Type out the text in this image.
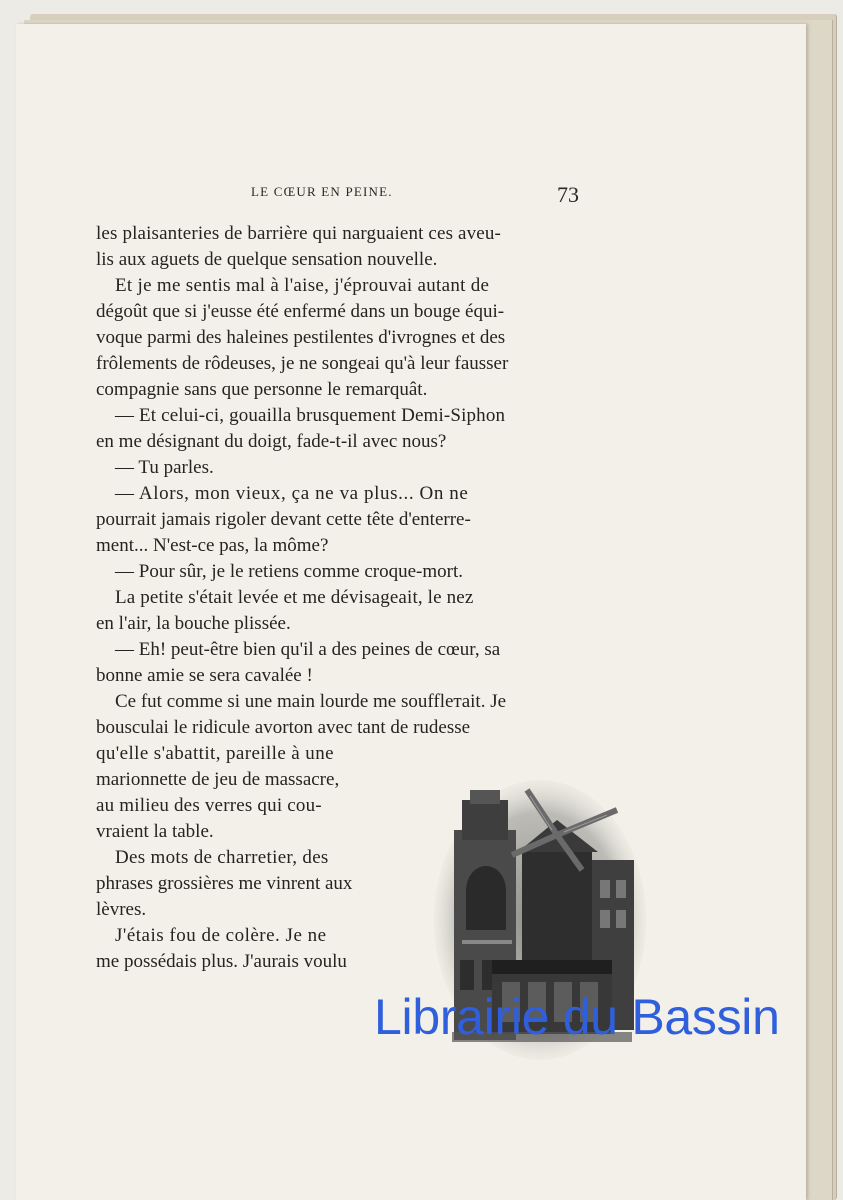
LE CŒUR EN PEINE.	73
les plaisanteries de barrière qui narguaient ces aveu-
lis aux aguets de quelque sensation nouvelle.
Et je me sentis mal à l'aise, j'éprouvai autant de
dégoût que si j'eusse été enfermé dans un bouge équi-
voque parmi des haleines pestilentes d'ivrognes et des
frôlements de rôdeuses, je ne songeai qu'à leur fausser
compagnie sans que personne le remarquât.
— Et celui-ci, gouailla brusquement Demi-Siphon
en me désignant du doigt, fade-t-il avec nous?
— Tu parles.
— Alors, mon vieux, ça ne va plus... On ne
pourrait jamais rigoler devant cette tête d'enterre-
ment... N'est-ce pas, la môme?
— Pour sûr, je le retiens comme croque-mort.
La petite s'était levée et me dévisageait, le nez
en l'air, la bouche plissée.
— Eh! peut-être bien qu'il a des peines de cœur, sa
bonne amie se sera cavalée !
Ce fut comme si une main lourde me soufflетait. Je
bousculai le ridicule avorton avec tant de rudesse
qu'elle s'abattit, pareille à une
marionnette de jeu de massacre,
au milieu des verres qui cou-
vraient la table.
Des mots de charretier, des
phrases grossières me vinrent aux
lèvres.
J'étais fou de colère. Je ne
me possédais plus. J'aurais voulu
Librairie du Bassin
